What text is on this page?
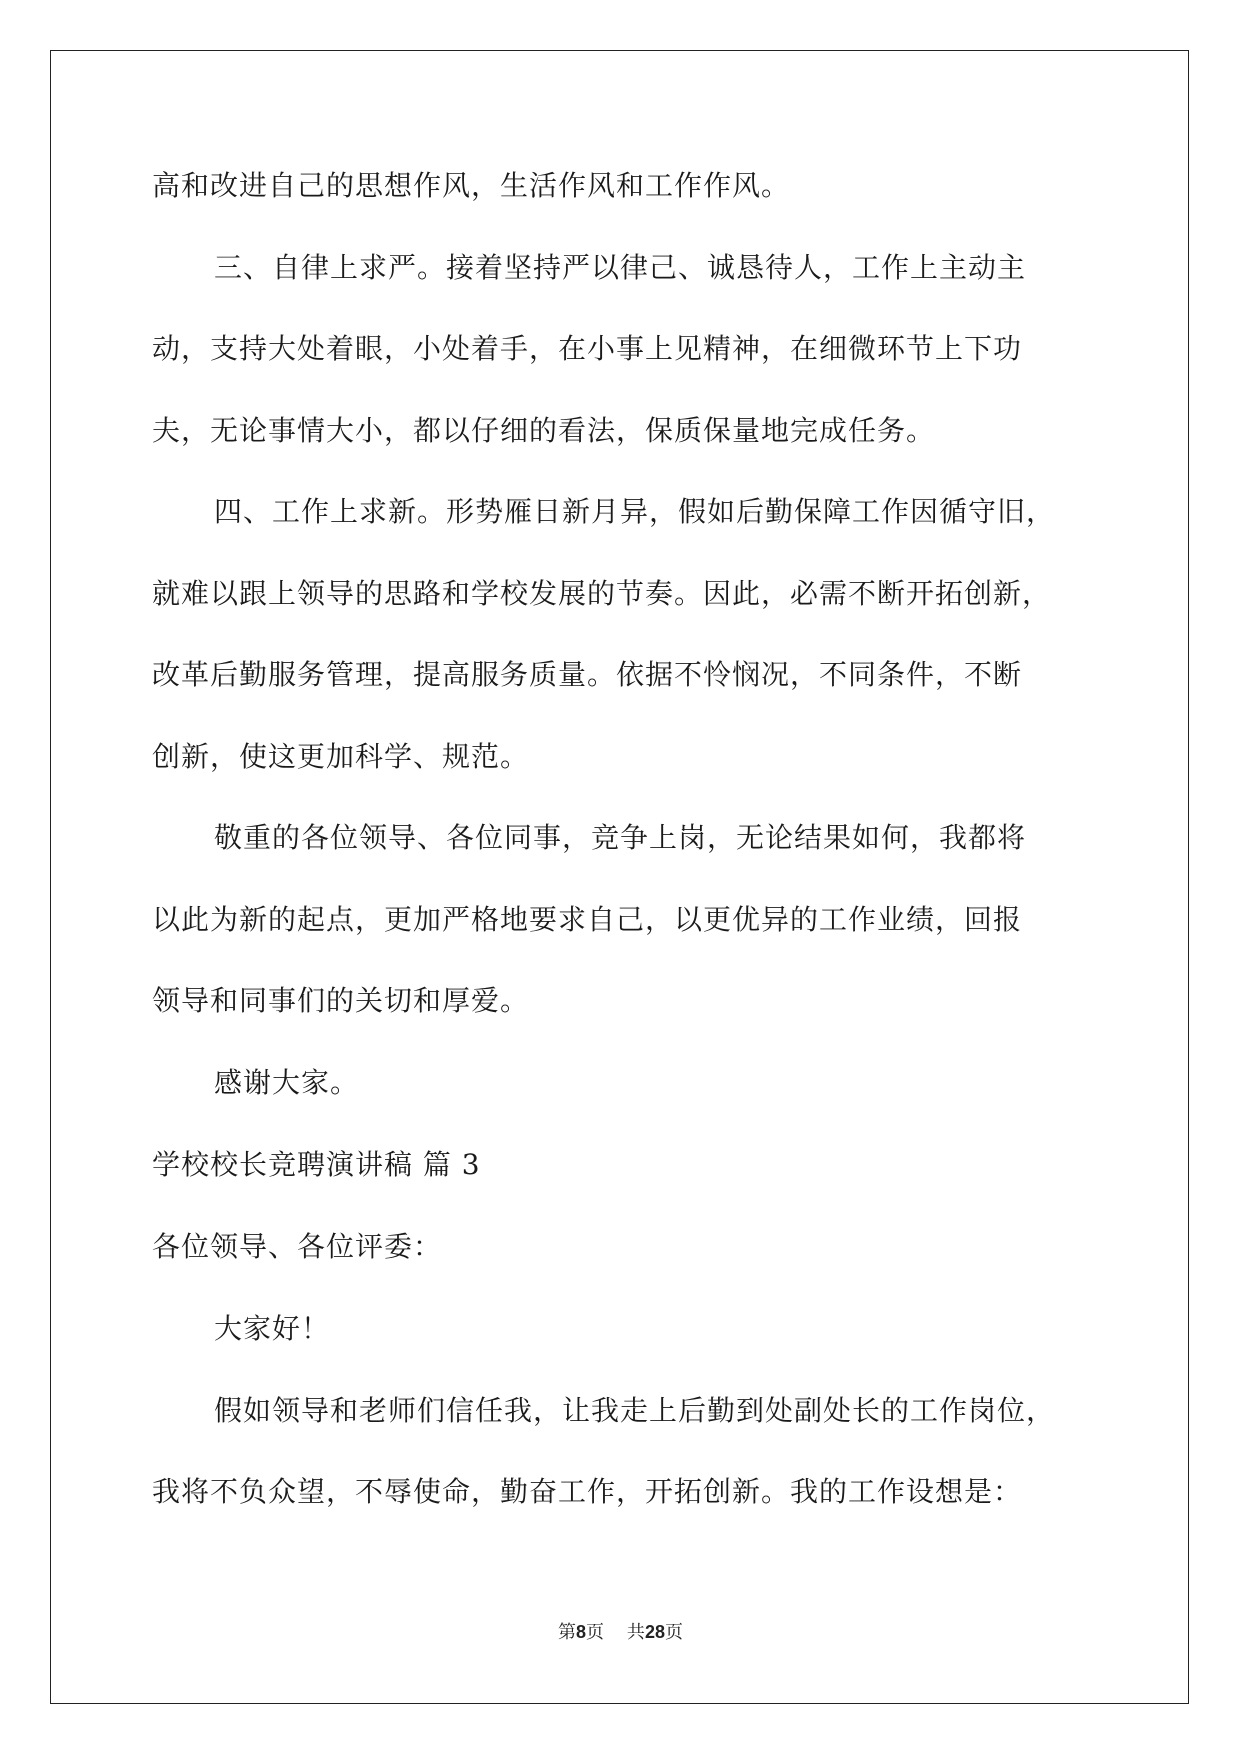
高和改进自己的思想作风，生活作风和工作作风。
三、自律上求严。接着坚持严以律己、诚恳待人，工作上主动主
动，支持大处着眼，小处着手，在小事上见精神，在细微环节上下功
夫，无论事情大小，都以仔细的看法，保质保量地完成任务。
四、工作上求新。形势雁日新月异，假如后勤保障工作因循守旧，
就难以跟上领导的思路和学校发展的节奏。因此，必需不断开拓创新，
改革后勤服务管理，提高服务质量。依据不怜悯况，不同条件，不断
创新，使这更加科学、规范。
敬重的各位领导、各位同事，竞争上岗，无论结果如何，我都将
以此为新的起点，更加严格地要求自己，以更优异的工作业绩，回报
领导和同事们的关切和厚爱。
感谢大家。
学校校长竞聘演讲稿 篇 3
各位领导、各位评委：
大家好！
假如领导和老师们信任我，让我走上后勤到处副处长的工作岗位，
我将不负众望，不辱使命，勤奋工作，开拓创新。我的工作设想是：
第8页    共28页
